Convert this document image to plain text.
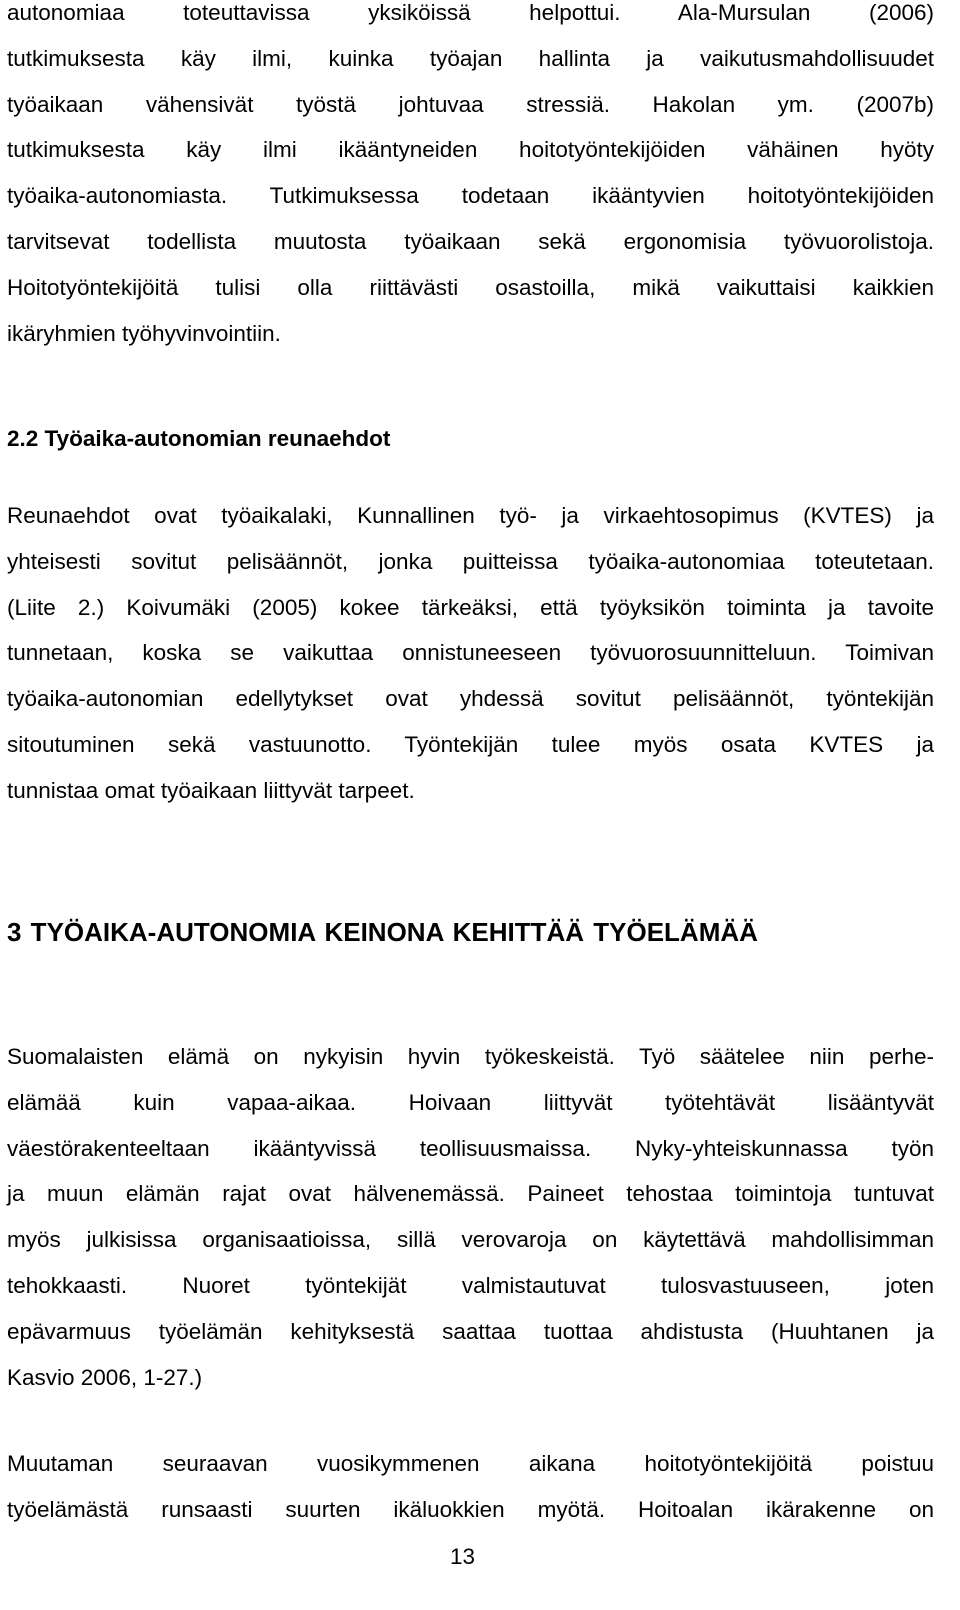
autonomiaa toteuttavissa yksiköissä helpottui. Ala-Mursulan (2006)
tutkimuksesta käy ilmi, kuinka työajan hallinta ja vaikutusmahdollisuudet
työaikaan vähensivät työstä johtuvaa stressiä. Hakolan ym. (2007b)
tutkimuksesta käy ilmi ikääntyneiden hoitotyöntekijöiden vähäinen hyöty
työaika-autonomiasta. Tutkimuksessa todetaan ikääntyvien hoitotyöntekijöiden
tarvitsevat todellista muutosta työaikaan sekä ergonomisia työvuorolistoja.
Hoitotyöntekijöitä tulisi olla riittävästi osastoilla, mikä vaikuttaisi kaikkien
ikäryhmien työhyvinvointiin.
2.2 Työaika-autonomian reunaehdot
Reunaehdot ovat työaikalaki, Kunnallinen työ- ja virkaehtosopimus (KVTES) ja
yhteisesti sovitut pelisäännöt, jonka puitteissa työaika-autonomiaa toteutetaan.
(Liite 2.) Koivumäki (2005) kokee tärkeäksi, että työyksikön toiminta ja tavoite
tunnetaan, koska se vaikuttaa onnistuneeseen työvuorosuunnitteluun. Toimivan
työaika-autonomian edellytykset ovat yhdessä sovitut pelisäännöt, työntekijän
sitoutuminen sekä vastuunotto. Työntekijän tulee myös osata KVTES ja
tunnistaa omat työaikaan liittyvät tarpeet.
3 TYÖAIKA-AUTONOMIA KEINONA KEHITTÄÄ TYÖELÄMÄÄ
Suomalaisten elämä on nykyisin hyvin työkeskeistä. Työ säätelee niin perhe-
elämää kuin vapaa-aikaa. Hoivaan liittyvät työtehtävät lisääntyvät
väestörakenteeltaan ikääntyvissä teollisuusmaissa. Nyky-yhteiskunnassa työn
ja muun elämän rajat ovat hälvenemässä. Paineet tehostaa toimintoja tuntuvat
myös julkisissa organisaatioissa, sillä verovaroja on käytettävä mahdollisimman
tehokkaasti. Nuoret työntekijät valmistautuvat tulosvastuuseen, joten
epävarmuus työelämän kehityksestä saattaa tuottaa ahdistusta (Huuhtanen ja
Kasvio 2006, 1-27.)
Muutaman seuraavan vuosikymmenen aikana hoitotyöntekijöitä poistuu
työelämästä runsaasti suurten ikäluokkien myötä. Hoitoalan ikärakenne on
13
